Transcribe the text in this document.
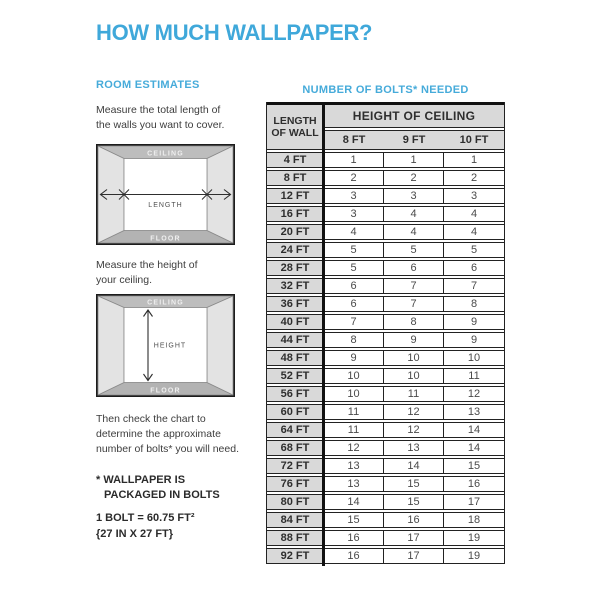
HOW MUCH WALLPAPER?
ROOM ESTIMATES

Measure the total length of
the walls you want to cover.

CEILING
FLOOR
LENGTH

Measure the height of
your ceiling.

CEILING
FLOOR
HEIGHT

Then check the chart to
determine the approximate
number of bolts* you will need.

* WALLPAPER IS
PACKAGED IN BOLTS

1 BOLT = 60.75 FT²
{27 IN X 27 FT}

NUMBER OF BOLTS* NEEDED
LENGTH
OF WALL	HEIGHT OF CEILING		
	8 FT	9 FT	10 FT
4 FT	1	1	1
8 FT	2	2	2
12 FT	3	3	3
16 FT	3	4	4
20 FT	4	4	4
24 FT	5	5	5
28 FT	5	6	6
32 FT	6	7	7
36 FT	6	7	8
40 FT	7	8	9
44 FT	8	9	9
48 FT	9	10	10
52 FT	10	10	11
56 FT	10	11	12
60 FT	11	12	13
64 FT	11	12	14
68 FT	12	13	14
72 FT	13	14	15
76 FT	13	15	16
80 FT	14	15	17
84 FT	15	16	18
88 FT	16	17	19
92 FT	16	17	19
